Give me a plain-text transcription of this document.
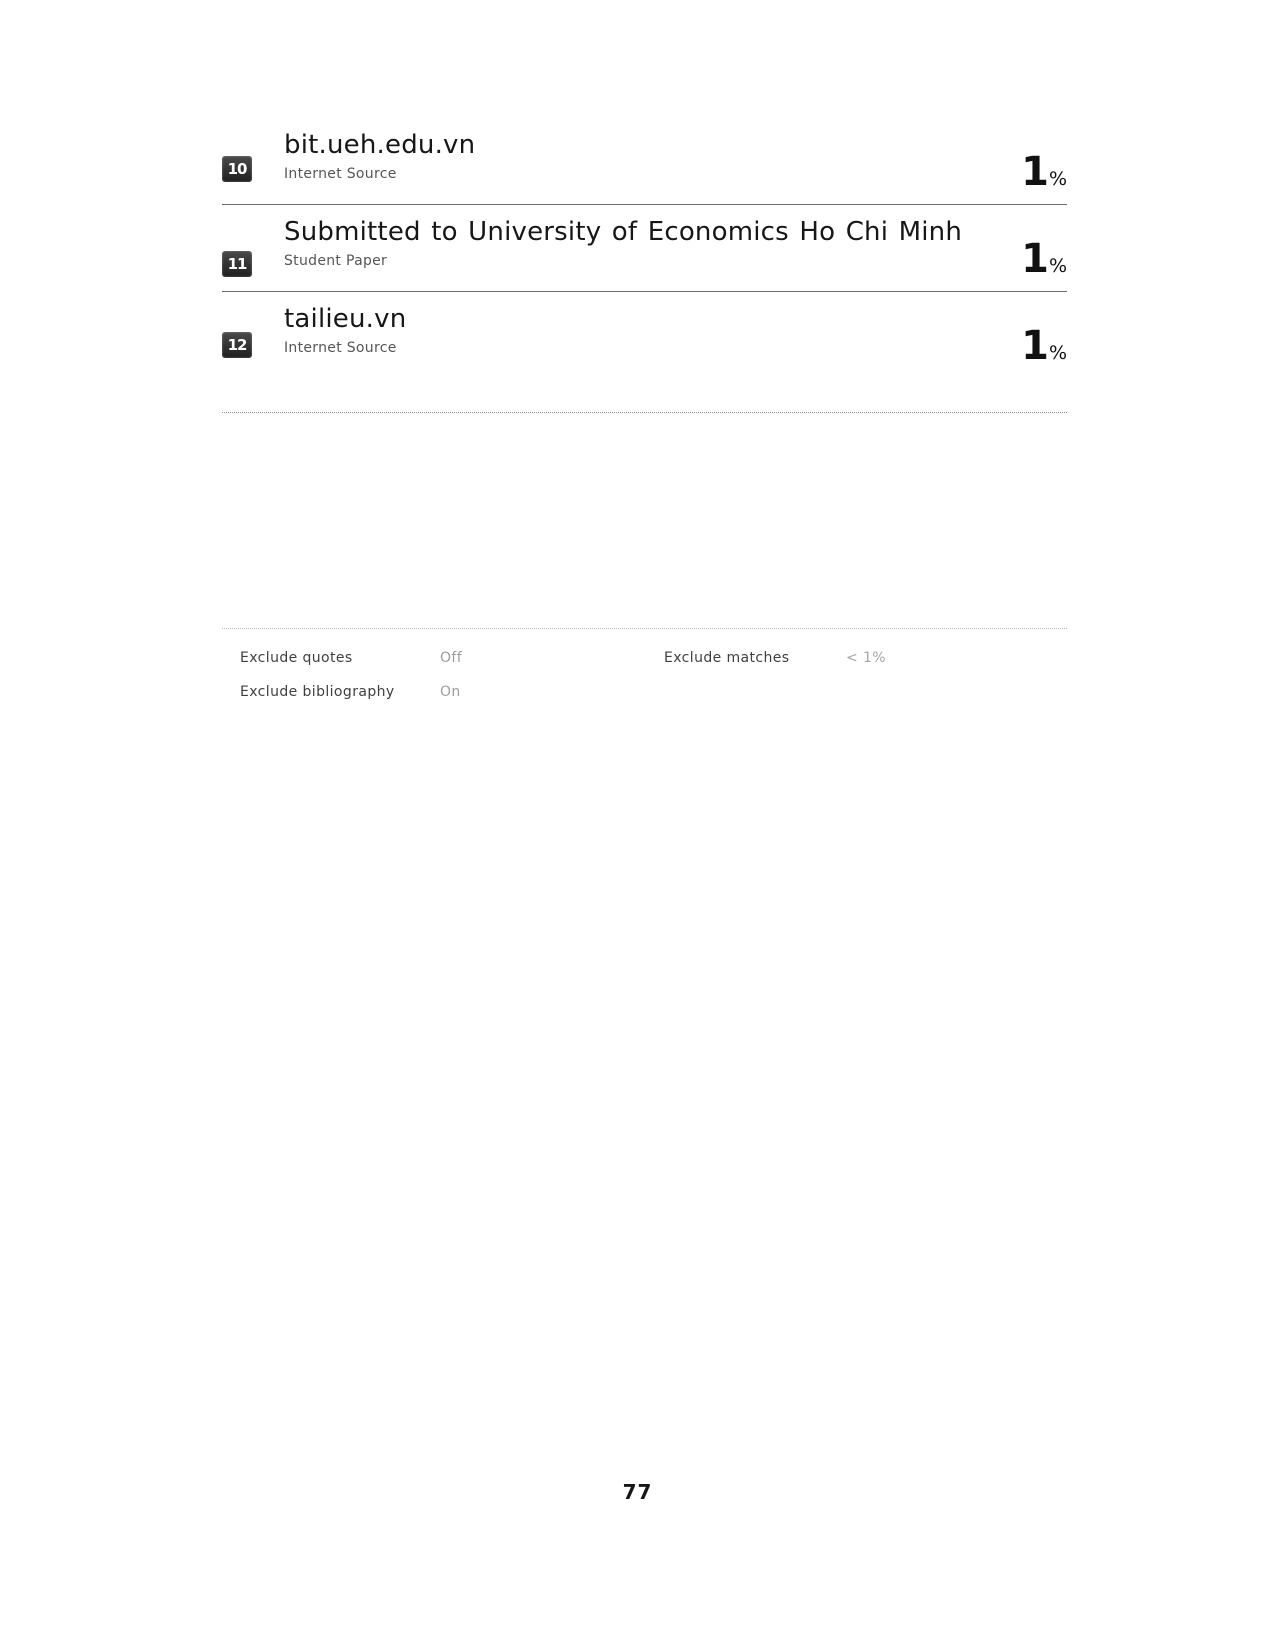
10
bit.ueh.edu.vn
Internet Source	1%
11
Submitted to University of Economics Ho Chi Minh
Student Paper	1%
12
tailieu.vn
Internet Source	1%
Exclude quotes	Off
Exclude bibliography	On
Exclude matches	< 1%
77
